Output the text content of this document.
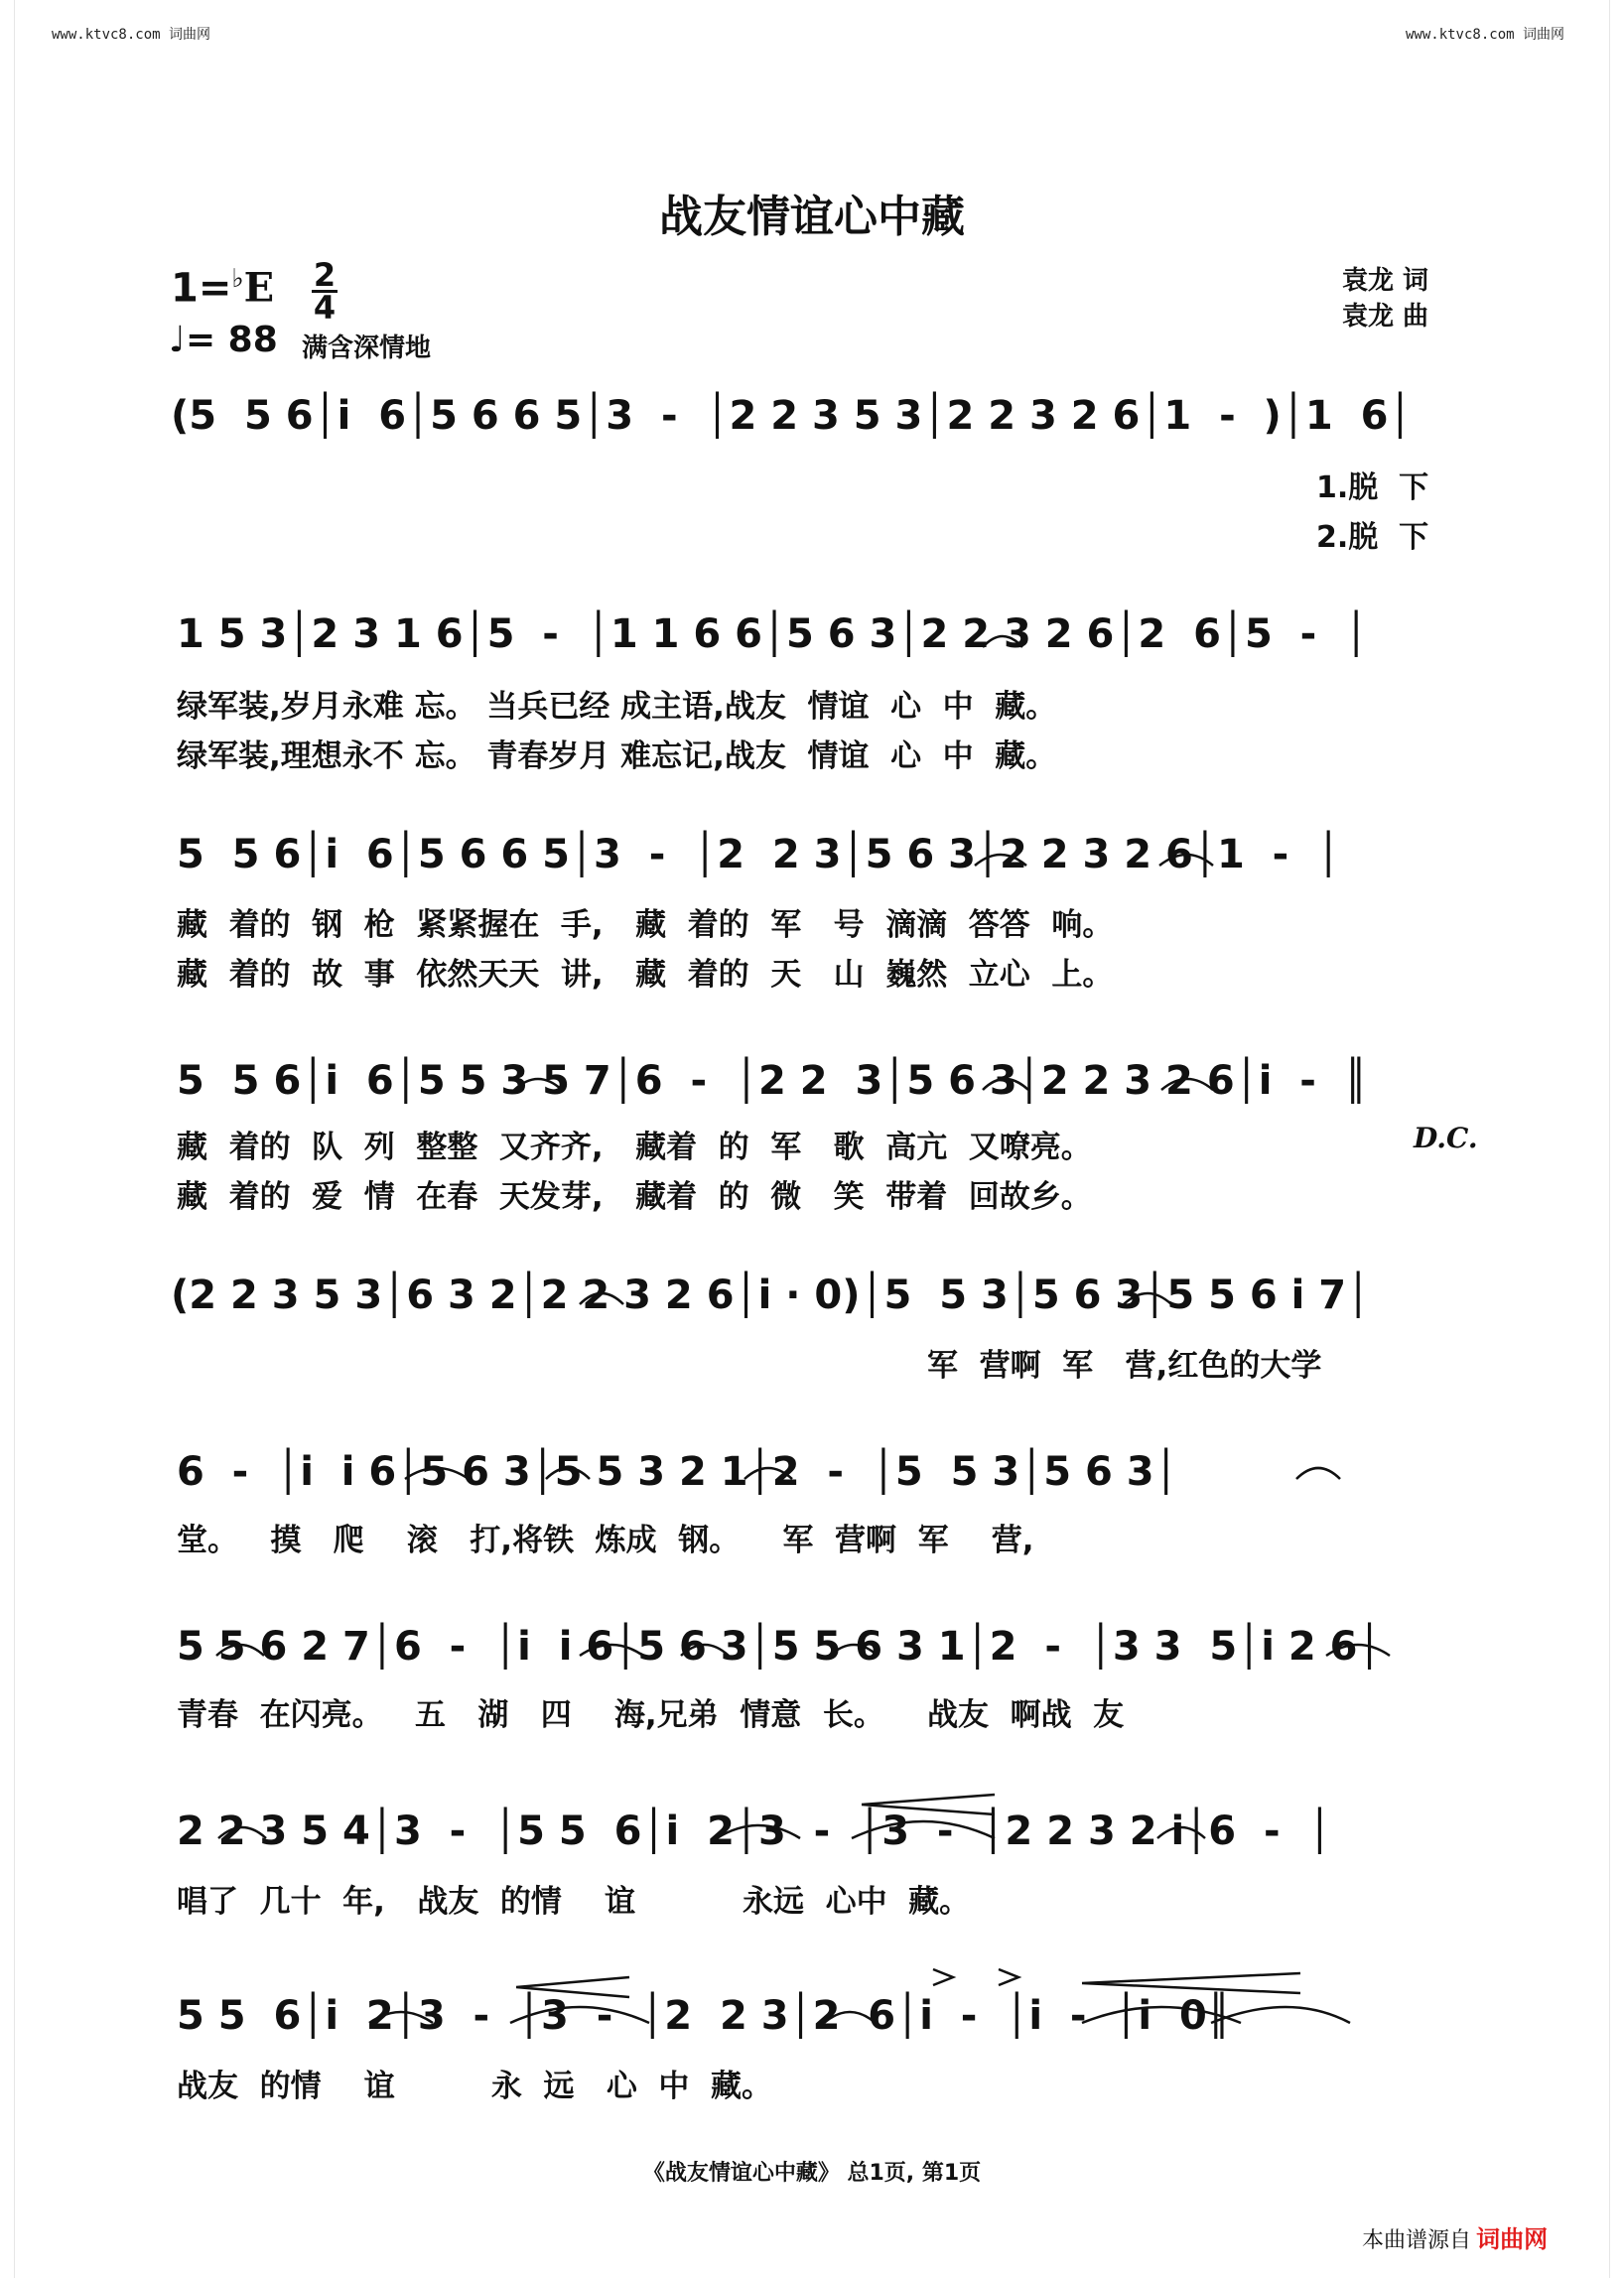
www.ktvc8.com 词曲网	www.ktvc8.com 词曲网
战友情谊心中藏
1=♭E 2
4
♩= 88 满含深情地
袁龙 词
袁龙 曲
(5  5 6│i  6│5 6 6 5│3  -  │2 2 3 5 3│2 2 3 2 6│1  -  )│1  6│
1.脱  下
2.脱  下
1 5 3│2 3 1 6│5  -  │1 1 6 6│5 6 3│2 2 3 2 6│2  6│5  -  │
绿军装,岁月永难 忘。 当兵已经 成主语,战友  情谊  心  中  藏。
绿军装,理想永不 忘。 青春岁月 难忘记,战友  情谊  心  中  藏。
5  5 6│i  6│5 6 6 5│3  -  │2  2 3│5 6 3│2 2 3 2 6│1  -  │
藏  着的  钢  枪  紧紧握在  手,   藏  着的  军   号  滴滴  答答  响。
藏  着的  故  事  依然天天  讲,   藏  着的  天   山  巍然  立心  上。
5  5 6│i  6│5 5 3 5 7│6  -  │2 2  3│5 6 3│2 2 3 2 6│i  -  ║
藏  着的  队  列  整整  又齐齐,   藏着  的  军   歌  高亢  又嘹亮。	D.C.
藏  着的  爱  情  在春  天发芽,   藏着  的  微   笑  带着  回故乡。
(2 2 3 5 3│6 3 2│2 2 3 2 6│i · 0)│5  5 3│5 6 3│5 5 6 i 7│
军  营啊  军   营,红色的大学
6  -  │i  i 6│5 6 3│5 5 3 2 1│2  -  │5  5 3│5 6 3│
堂。   摸   爬    滚   打,将铁  炼成  钢。    军  营啊  军    营,
5 5 6 2 7│6  -  │i  i 6│5 6 3│5 5 6 3 1│2  -  │3 3  5│i 2 6│
青春  在闪亮。   五   湖   四    海,兄弟  情意  长。    战友  啊战  友
2 2 3 5 4│3  -  │5 5  6│i  2│3  -  │3  -  │2 2 3 2 i│6  -  │
唱了  几十  年,   战友  的情    谊          永远  心中  藏。
5 5  6│i  2│3  -  │3  -  │2  2 3│2  6│i  -  │i  -  │i  0║
战友  的情    谊         永  远   心  中  藏。
《战友情谊心中藏》 总1页, 第1页
本曲谱源自 词曲网
